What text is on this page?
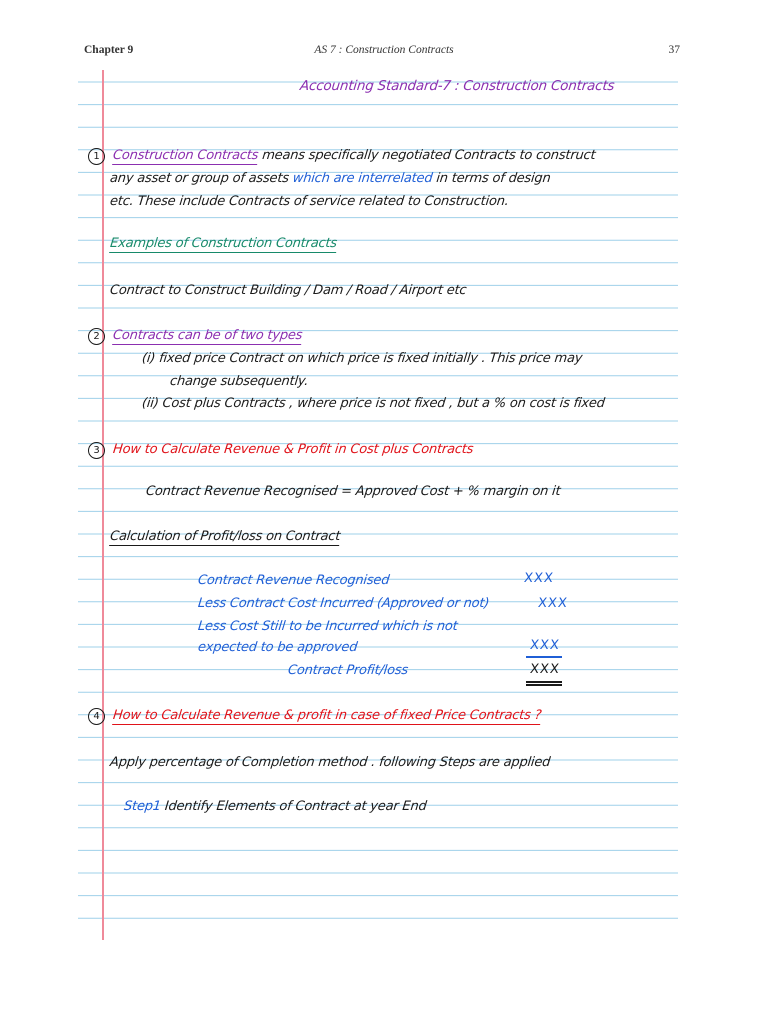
AS 7 : Construction Contracts
Chapter 9	37
Accounting Standard-7 : Construction Contracts
1 Construction Contracts means specifically negotiated Contracts to construct
any asset or group of assets which are interrelated in terms of design
etc. These include Contracts of service related to Construction.
Examples of Construction Contracts
Contract to Construct Building / Dam / Road / Airport etc
2 Contracts can be of two types
(i) fixed price Contract on which price is fixed initially . This price may
change subsequently.
(ii) Cost plus Contracts , where price is not fixed , but a % on cost is fixed
3 How to Calculate Revenue & Profit in Cost plus Contracts
Contract Revenue Recognised = Approved Cost + % margin on it
Calculation of Profit/loss on Contract
Contract Revenue Recognised	XXX
Less Contract Cost Incurred (Approved or not)	XXX
Less Cost Still to be Incurred which is not
expected to be approved	XXX
Contract Profit/loss	XXX
4 How to Calculate Revenue & profit in case of fixed Price Contracts ?
Apply percentage of Completion method . following Steps are applied
Step1 Identify Elements of Contract at year End
